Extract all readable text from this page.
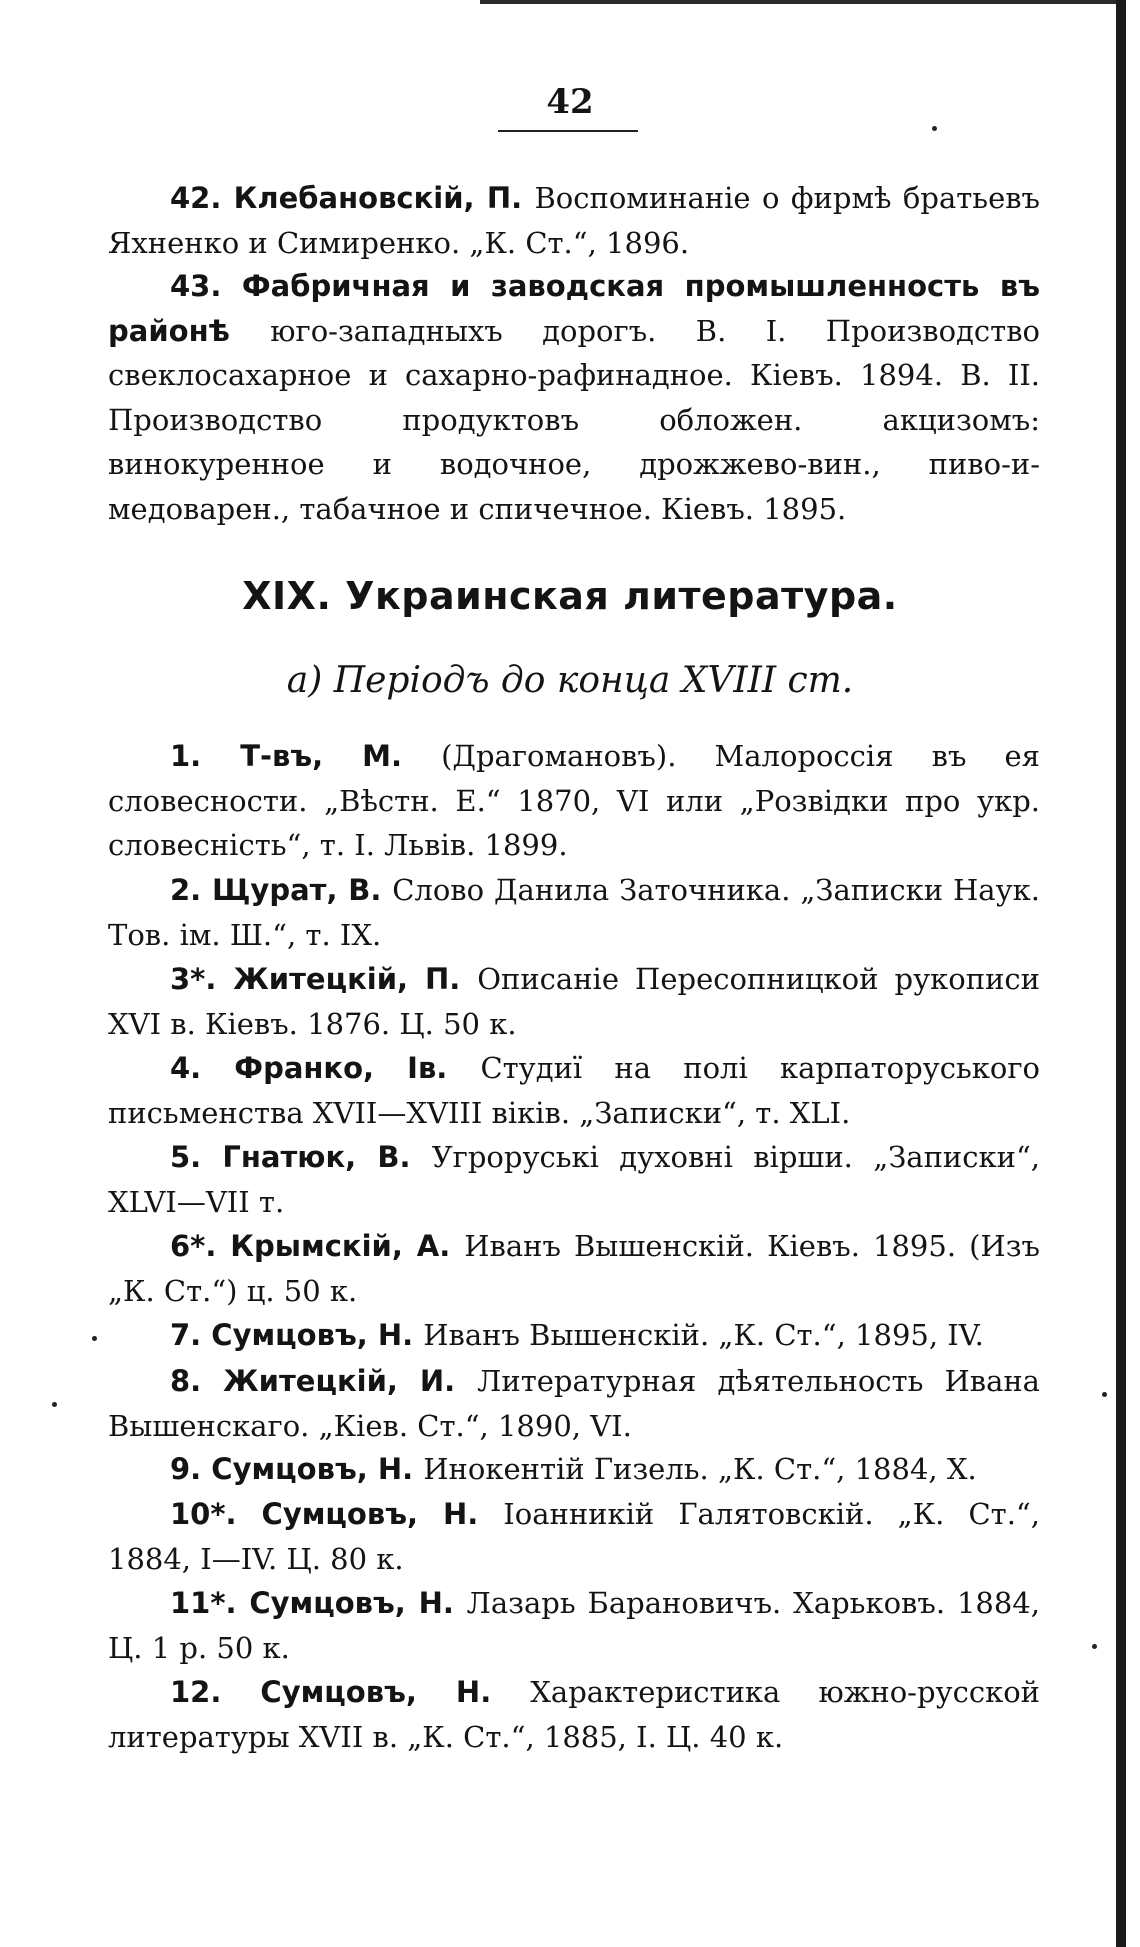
42

42. Клебановскій, П. Воспоминаніе о фирмѣ братьевъ Яхненко и Симиренко. „К. Ст.“, 1896.

43. Фабричная и заводская промышленность въ районѣ юго-западныхъ дорогъ. В. I. Производство свеклосахарное и сахарно-рафинадное. Кіевъ. 1894. В. II. Производство продуктовъ обложен. акцизомъ: винокуренное и водочное, дрожжево-вин., пиво-и-медоварен., табачное и спичечное. Кіевъ. 1895.

XIX. Украинская литература.
а) Періодъ до конца XVIII ст.

1. Т-въ, М. (Драгомановъ). Малороссія въ ея словесности. „Вѣстн. Е.“ 1870, VI или „Розвідки про укр. словесність“, т. I. Львів. 1899.

2. Щурат, В. Слово Данила Заточника. „Записки Наук. Тов. ім. Ш.“, т. IX.

3*. Житецкій, П. Описаніе Пересопницкой рукописи XVI в. Кіевъ. 1876. Ц. 50 к.

4. Франко, Ів. Студиї на полі карпаторуського письменства XVII—XVIII віків. „Записки“, т. XLI.

5. Гнатюк, В. Угроруські духовні вірши. „Записки“, XLVI—VII т.

6*. Крымскій, А. Иванъ Вышенскій. Кіевъ. 1895. (Изъ „К. Ст.“) ц. 50 к.

7. Сумцовъ, Н. Иванъ Вышенскій. „К. Ст.“, 1895, IV.

8. Житецкій, И. Литературная дѣятельность Ивана Вышенскаго. „Кіев. Ст.“, 1890, VI.

9. Сумцовъ, Н. Инокентій Гизель. „К. Ст.“, 1884, X.

10*. Сумцовъ, Н. Іоанникій Галятовскій. „К. Ст.“, 1884, I—IV. Ц. 80 к.

11*. Сумцовъ, Н. Лазарь Барановичъ. Харьковъ. 1884, Ц. 1 р. 50 к.

12. Сумцовъ, Н. Характеристика южно-русской литературы XVII в. „К. Ст.“, 1885, I. Ц. 40 к.
